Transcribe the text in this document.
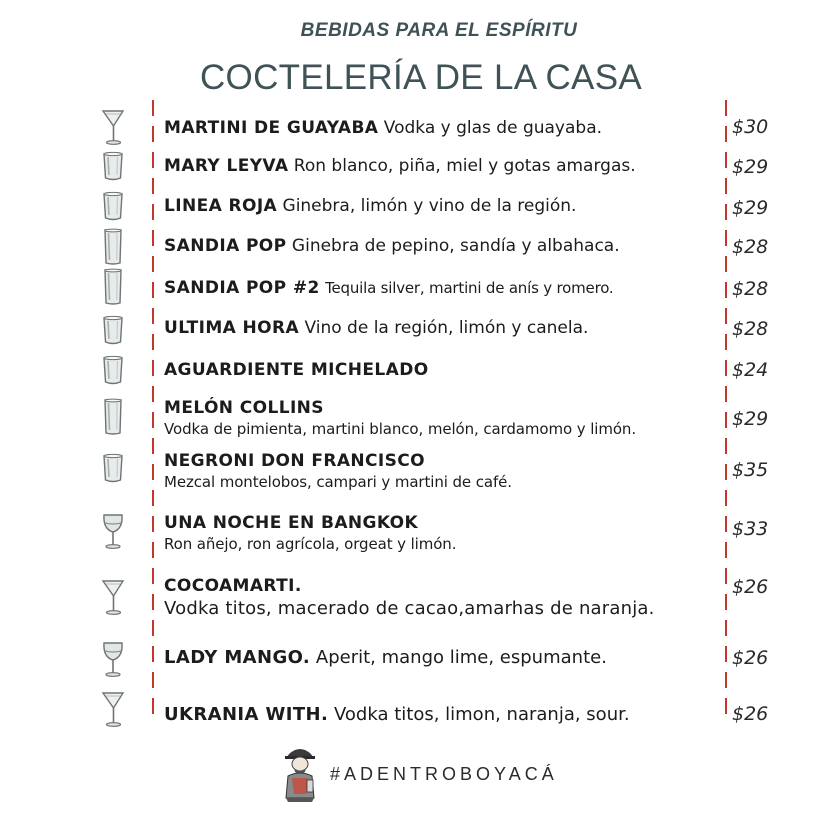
BEBIDAS PARA EL ESPÍRITU
COCTELERÍA DE LA CASA
MARTINI DE GUAYABA Vodka y glas de guayaba.	$30
MARY LEYVA Ron blanco, piña, miel y gotas amargas.	$29
LINEA ROJA Ginebra, limón y vino de la región.	$29
SANDIA POP Ginebra de pepino, sandía y albahaca.	$28
SANDIA POP #2 Tequila silver, martini de anís y romero.	$28
ULTIMA HORA Vino de la región, limón y canela.	$28
AGUARDIENTE MICHELADO	$24
MELÓN COLLINS
Vodka de pimienta, martini blanco, melón, cardamomo y limón.	$29
NEGRONI DON FRANCISCO
Mezcal montelobos, campari y martini de café.
$35
UNA NOCHE EN BANGKOK
Ron añejo, ron agrícola, orgeat y limón.
$33
COCOAMARTI.
Vodka titos, macerado de cacao,amarhas de naranja.
$26
LADY MANGO. Aperit, mango lime, espumante.	$26
UKRANIA WITH. Vodka titos, limon, naranja, sour.	$26
#ADENTROBOYACÁ
